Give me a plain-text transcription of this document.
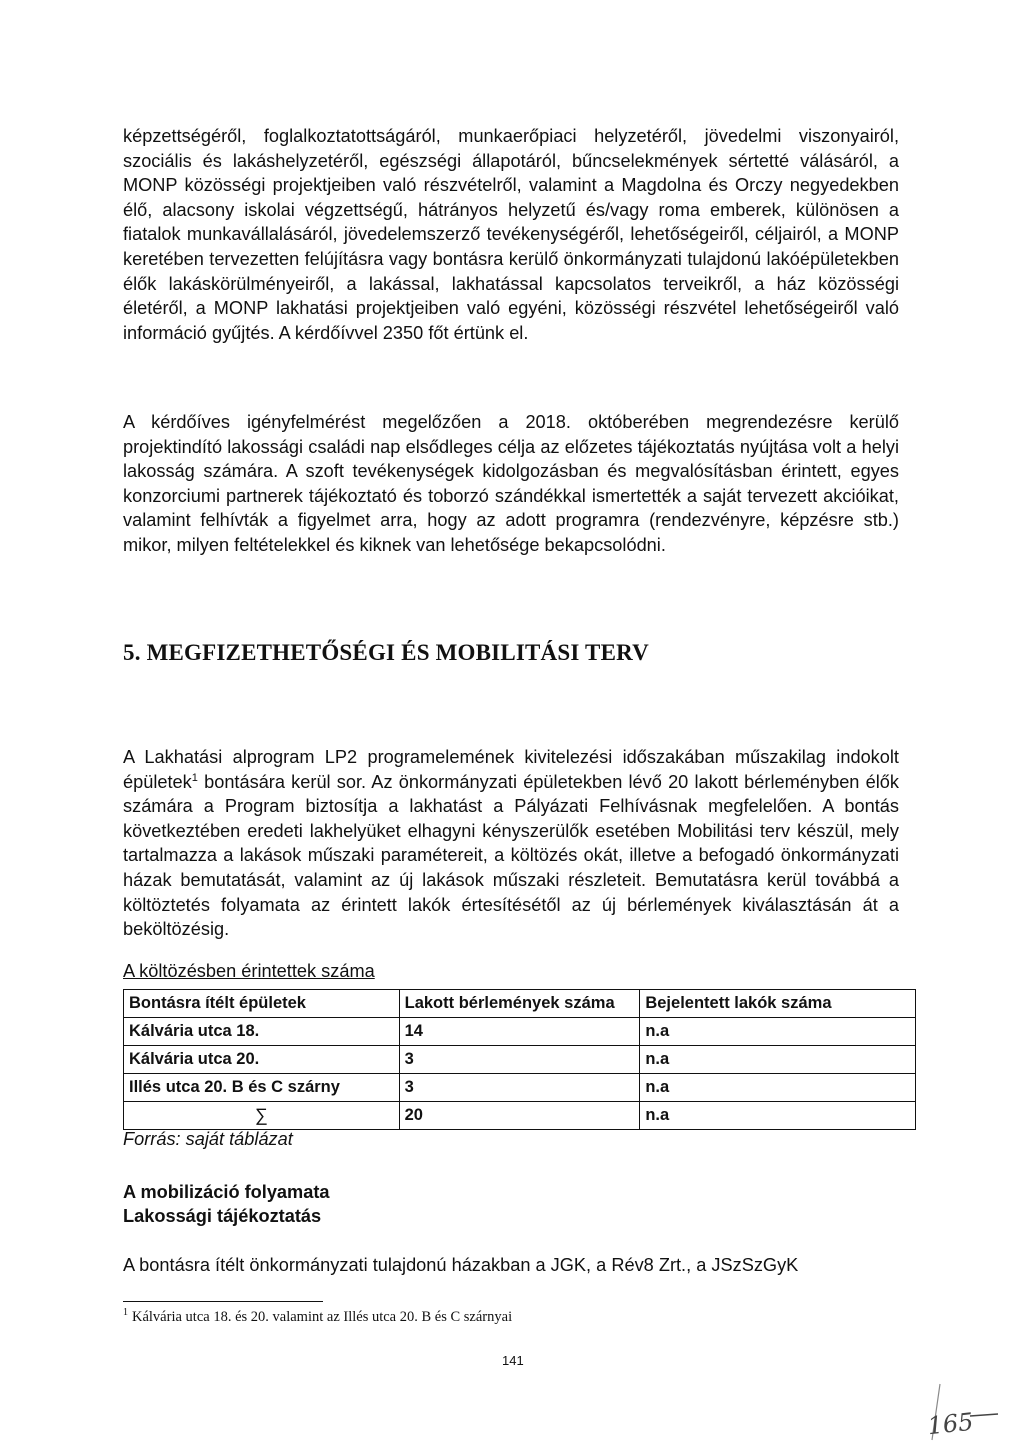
képzettségéről, foglalkoztatottságáról, munkaerőpiaci helyzetéről, jövedelmi viszonyairól, szociális és lakáshelyzetéről, egészségi állapotáról, bűncselekmények sértetté válásáról, a MONP közösségi projektjeiben való részvételről, valamint a Magdolna és Orczy negyedekben élő, alacsony iskolai végzettségű, hátrányos helyzetű és/vagy roma emberek, különösen a fiatalok munkavállalásáról, jövedelemszerző tevékenységéről, lehetőségeiről, céljairól, a MONP keretében tervezetten felújításra vagy bontásra kerülő önkormányzati tulajdonú lakóépületekben élők lakáskörülményeiről, a lakással, lakhatással kapcsolatos terveikről, a ház közösségi életéről, a MONP lakhatási projektjeiben való egyéni, közösségi részvétel lehetőségeiről való információ gyűjtés. A kérdőívvel 2350 főt értünk el.

A kérdőíves igényfelmérést megelőzően a 2018. októberében megrendezésre kerülő projektindító lakossági családi nap elsődleges célja az előzetes tájékoztatás nyújtása volt a helyi lakosság számára. A szoft tevékenységek kidolgozásban és megvalósításban érintett, egyes konzorciumi partnerek tájékoztató és toborzó szándékkal ismertették a saját tervezett akcióikat, valamint felhívták a figyelmet arra, hogy az adott programra (rendezvényre, képzésre stb.) mikor, milyen feltételekkel és kiknek van lehetősége bekapcsolódni.

5. MEGFIZETHETŐSÉGI ÉS MOBILITÁSI TERV

A Lakhatási alprogram LP2 programelemének kivitelezési időszakában műszakilag indokolt épületek$^1$ bontására kerül sor. Az önkormányzati épületekben lévő 20 lakott bérleményben élők számára a Program biztosítja a lakhatást a Pályázati Felhívásnak megfelelően. A bontás következtében eredeti lakhelyüket elhagyni kényszerülők esetében Mobilitási terv készül, mely tartalmazza a lakások műszaki paramétereit, a költözés okát, illetve a befogadó önkormányzati házak bemutatását, valamint az új lakások műszaki részleteit. Bemutatásra kerül továbbá a költöztetés folyamata az érintett lakók értesítésétől az új bérlemények kiválasztásán át a beköltözésig.

A költözésben érintettek száma

Bontásra ítélt épületek	Lakott bérlemények száma	Bejelentett lakók száma
Kálvária utca 18.	14	n.a
Kálvária utca 20.	3	n.a
Illés utca 20. B és C szárny	3	n.a
∑	20	n.a

Forrás: saját táblázat

A mobilizáció folyamata

Lakossági tájékoztatás

A bontásra ítélt önkormányzati tulajdonú házakban a JGK, a Rév8 Zrt., a JSzSzGyK

$^1$ Kálvária utca 18. és 20. valamint az Illés utca 20. B és C szárnyai

141

165
